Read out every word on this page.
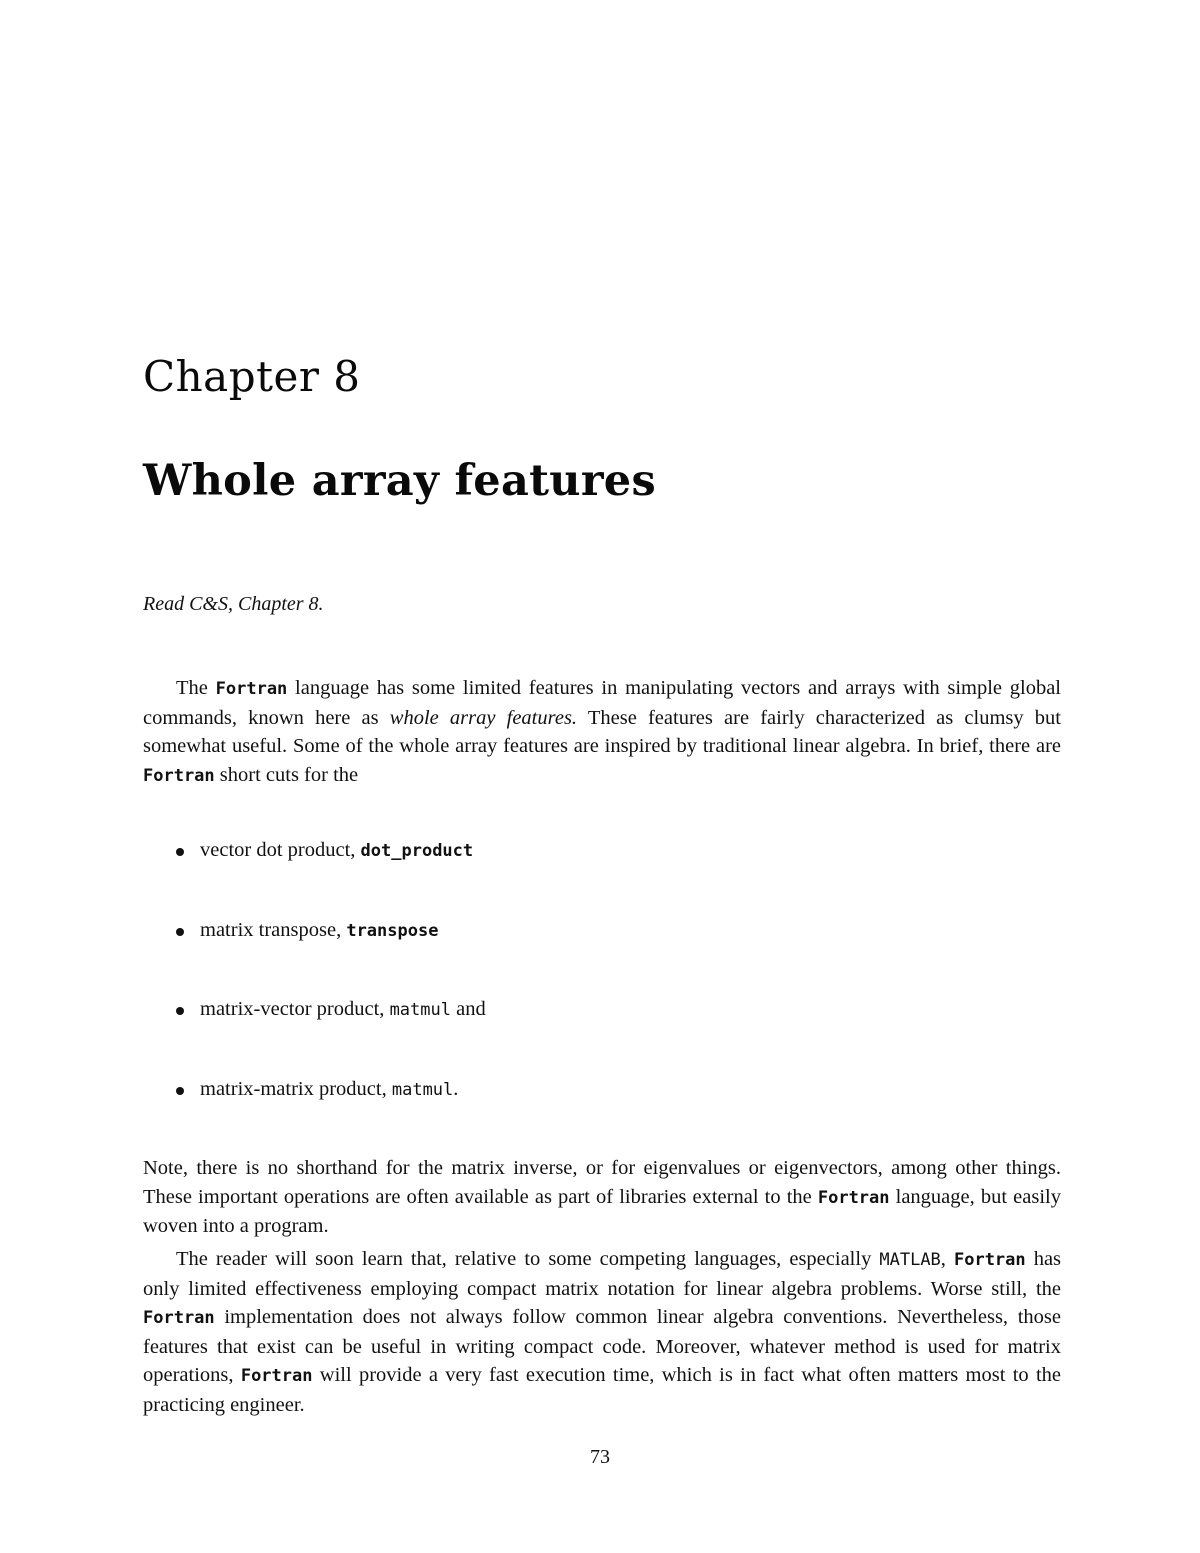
Chapter 8
Whole array features

Read C&S, Chapter 8.

The Fortran language has some limited features in manipulating vectors and arrays with simple global commands, known here as whole array features. These features are fairly characterized as clumsy but somewhat useful. Some of the whole array features are inspired by traditional linear algebra. In brief, there are Fortran short cuts for the

vector dot product, dot_product
matrix transpose, transpose
matrix-vector product, matmul and
matrix-matrix product, matmul.

Note, there is no shorthand for the matrix inverse, or for eigenvalues or eigenvectors, among other things. These important operations are often available as part of libraries external to the Fortran language, but easily woven into a program.

The reader will soon learn that, relative to some competing languages, especially MATLAB, Fortran has only limited effectiveness employing compact matrix notation for linear algebra problems. Worse still, the Fortran implementation does not always follow common linear algebra conventions. Nevertheless, those features that exist can be useful in writing compact code. Moreover, whatever method is used for matrix operations, Fortran will provide a very fast execution time, which is in fact what often matters most to the practicing engineer.

73
